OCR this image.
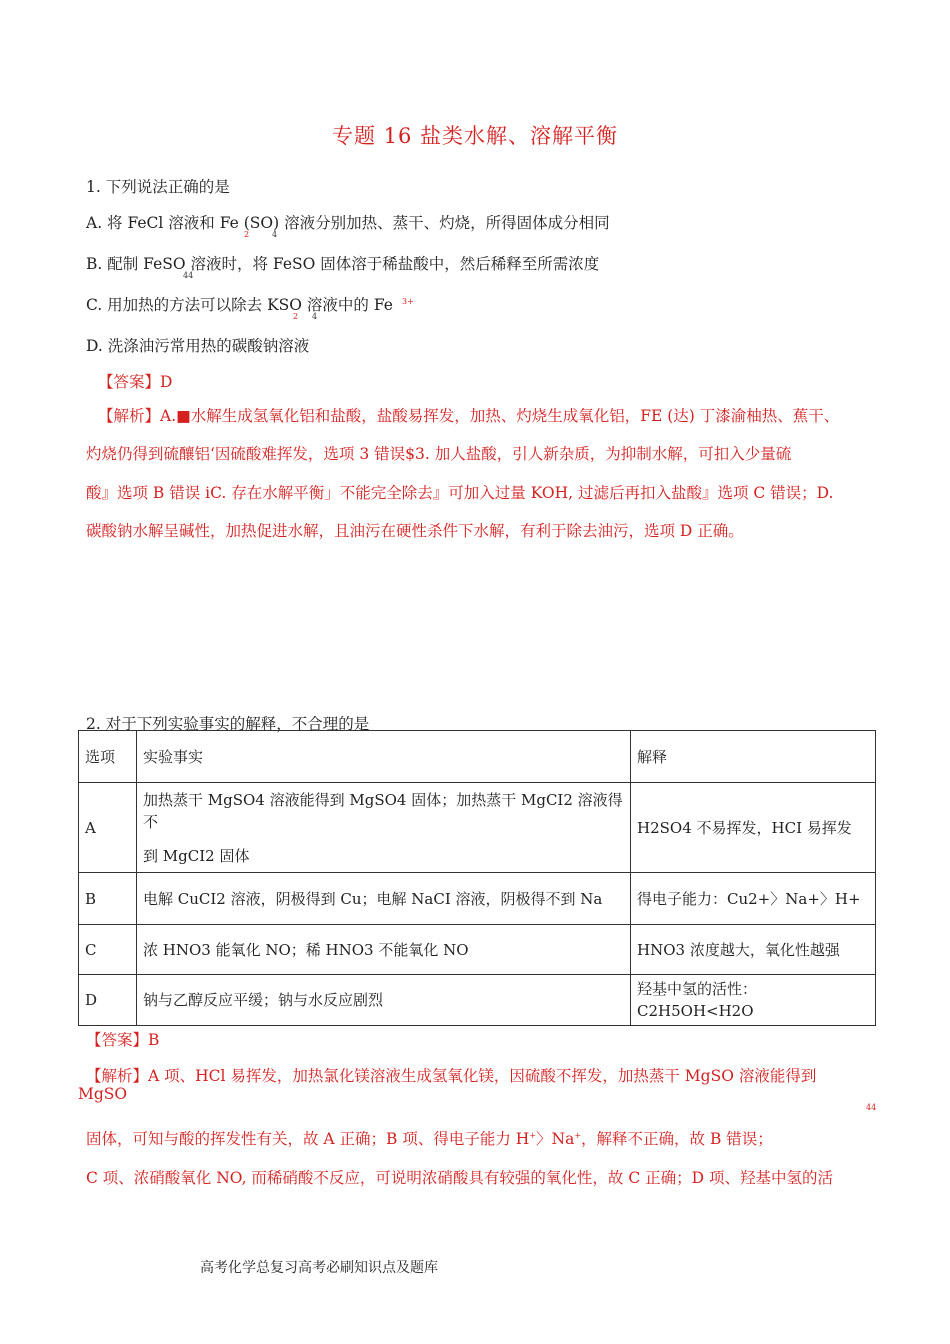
专题 16 盐类水解、溶解平衡
1. 下列说法正确的是
A. 将 FeCl 溶液和 Fe (SO) 溶液分别加热、蒸干、灼烧，所得固体成分相同
2	4
B. 配制 FeSO 溶液时，将 FeSO 固体溶于稀盐酸中，然后稀释至所需浓度
44
C. 用加热的方法可以除去 KSO 溶液中的 Fe 3+
2 4
D. 洗涤油污常用热的碳酸钠溶液
【答案】D
【解析】A.■水解生成氢氧化铝和盐酸，盐酸易挥发，加热、灼烧生成氧化铝，FE (达) 丁漆渝柚热、蕉干、
灼烧仍得到硫釀铝‘因硫酸难挥发，选项 3 错误$3. 加人盐酸，引人新杂质，为抑制水解，可扣入少量硫
酸』选项 B 错误 iC. 存在水解平衡」不能完全除去』可加入过量 KOH, 过滤后再扣入盐酸』选项 C 错误；D.
碳酸钠水解呈碱性，加热促进水解，且油污在硬性杀件下水解，有利于除去油污，选项 D 正确。
2. 对于下列实验事实的解释，不合理的是
选项	实验事实	解释
A	加热蒸干 MgSO4 溶液能得到 MgSO4 固体；加热蒸干 MgCI2 溶液得不
到 MgCI2 固体	H2SO4 不易挥发，HCI 易挥发
B	电解 CuCI2 溶液，阴极得到 Cu；电解 NaCI 溶液，阴极得不到 Na	得电子能力：Cu2+〉Na+〉H+
C	浓 HNO3 能氧化 NO；稀 HNO3 不能氧化 NO	HNO3 浓度越大，氧化性越强
D	钠与乙醇反应平缓；钠与水反应剧烈	羟基中氢的活性：C2H5OH<H2O
【答案】B
【解析】A 项、HCl 易挥发，加热氯化镁溶液生成氢氧化镁，因硫酸不挥发，加热蒸干 MgSO 溶液能得到
MgSO
44
固体，可知与酸的挥发性有关，故 A 正确；B 项、得电子能力 H+〉Na+，解释不正确，故 B 错误；
C 项、浓硝酸氧化 NO, 而稀硝酸不反应，可说明浓硝酸具有较强的氧化性，故 C 正确；D 项、羟基中氢的活
高考化学总复习高考必刷知识点及题库
